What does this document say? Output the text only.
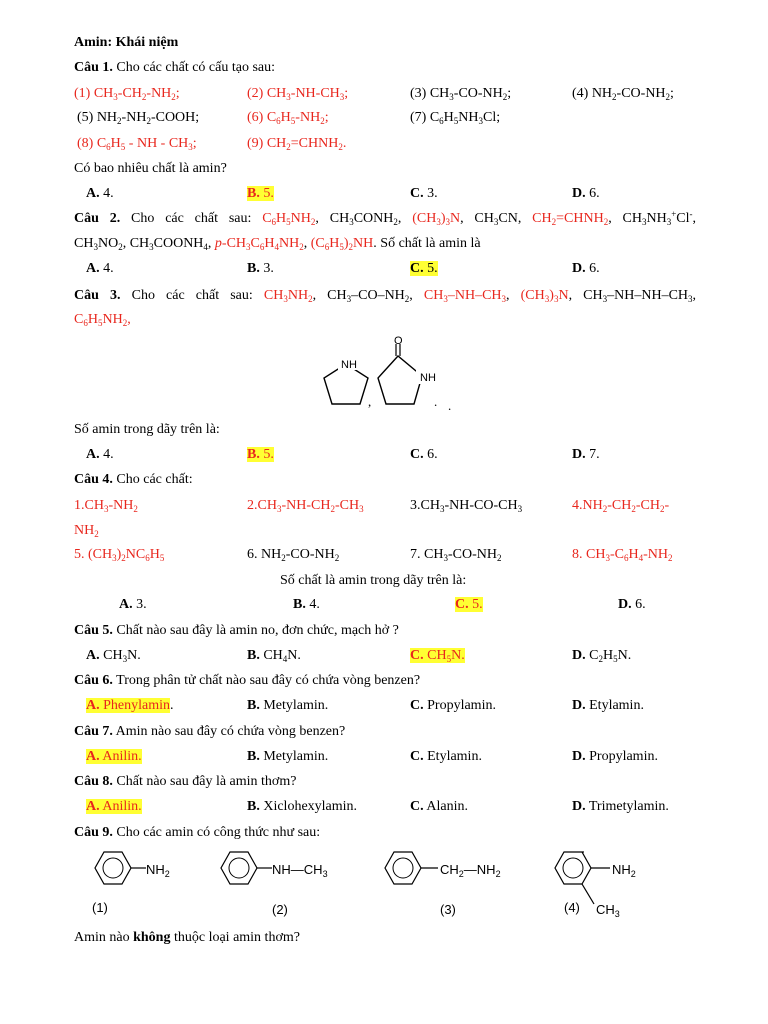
Amin: Khái niệm
Câu 1. Cho các chất có cấu tạo sau:
(1) $CH_3-CH_2-NH_2$;	(2) $CH_3-NH-CH_3$;	(3) $CH_3-CO-NH_2$;	(4) $NH_2-CO-NH_2$;
(5) $NH_2-NH_2$-COOH;	(6) $C_6H_5-NH_2$;	(7) $C_6H_5NH_3Cl$;
(8) $C_6H_5$ - NH - $CH_3$;	(9) $CH_2=CHNH_2$.
Có bao nhiêu chất là amin?
A. 4.	B. 5.	C. 3.	D. 6.
Câu 2. Cho các chất sau: $C_6H_5NH_2$, $CH_3CONH_2$, $(CH_3)_3N$, $CH_3CN$, $CH_2=CHNH_2$, $CH_3NH_3^+Cl^-$,
$CH_3NO_2$, $CH_3COONH_4$, $p-CH_3C_6H_4NH_2$, $(C_6H_5)_2NH$. Số chất là amin là
A. 4.	B. 3.	C. 5.	D. 6.
Câu 3. Cho các chất sau: $CH_3NH_2$, $CH_3-CO-NH_2$, $CH_3-NH-CH_3$, $(CH_3)_3N$, $CH_3-NH-NH-CH_3$,
$C_6H_5NH_2$,
NH
,
O
NH
. .
Số amin trong dãy trên là:
A. 4.	B. 5.	C. 6.	D. 7.
Câu 4. Cho các chất:
$1.CH_3-NH_2$	$2.CH_3-NH-CH_2-CH_3$	$3.CH_3-NH-CO-CH_3$	$4.NH_2-CH_2-CH_2-$
$NH_2$
5. $(CH_3)_2NC_6H_5$	6. $NH_2-CO-NH_2$	7. $CH_3-CO-NH_2$	8. $CH_3-C_6H_4-NH_2$
Số chất là amin trong dãy trên là:
A. 3.	B. 4.	C. 5.	D. 6.
Câu 5. Chất nào sau đây là amin no, đơn chức, mạch hở ?
A. $CH_3N$.	B. $CH_4N$.	C. $CH_5N$.	D. $C_2H_5N$.
Câu 6. Trong phân tử chất nào sau đây có chứa vòng benzen?
A. Phenylamin.	B. Metylamin.	C. Propylamin.	D. Etylamin.
Câu 7. Amin nào sau đây có chứa vòng benzen?
A. Anilin.	B. Metylamin.	C. Etylamin.	D. Propylamin.
Câu 8. Chất nào sau đây là amin thơm?
A. Anilin.	B. Xiclohexylamin.	C. Alanin.	D. Trimetylamin.
Câu 9. Cho các amin có công thức như sau:
$NH_2$
(1)
$NH—CH_3$
(2)
$CH_2—NH_2$
(3)
$NH_2$
(4) $CH_3$
Amin nào không thuộc loại amin thơm?
